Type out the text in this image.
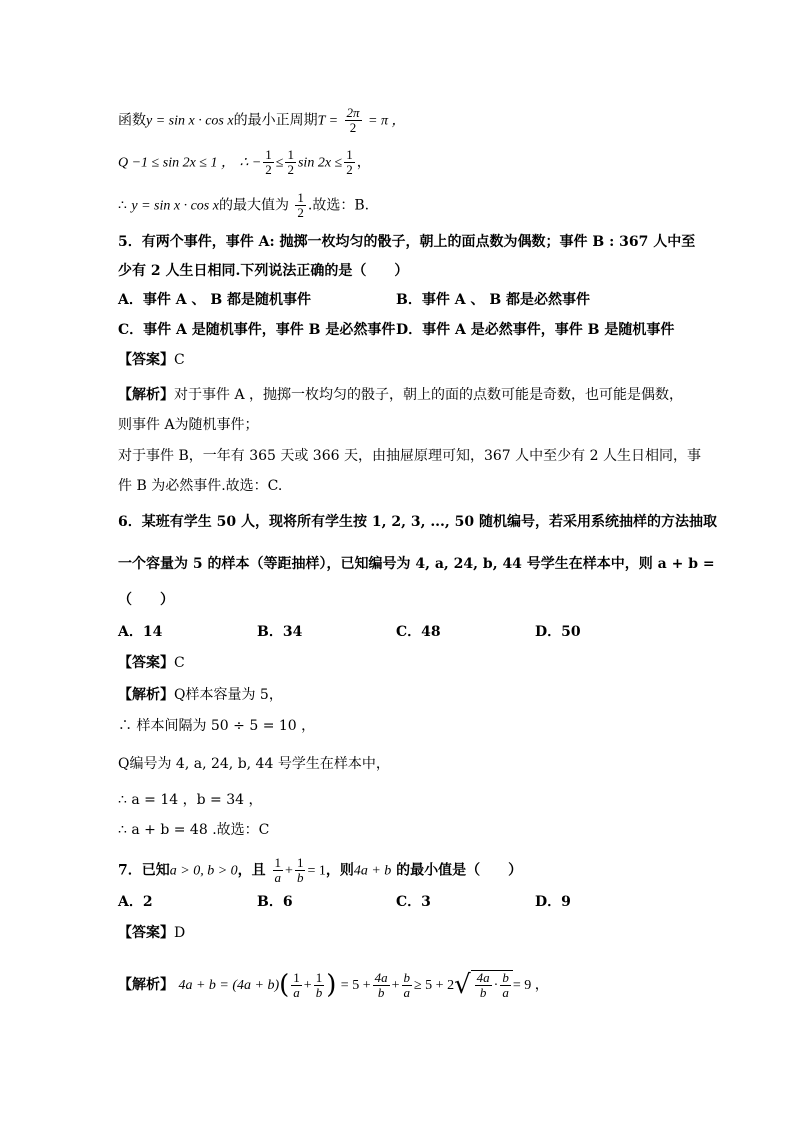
函数y = sin x · cos x的最小正周期$T = \frac{2\pi}{2} = \pi$ ，
Q −1 ≤ sin 2x ≤ 1 ， ∴ − $\frac{1}{2} \le \frac{1}{2}$ $\sin 2x \le \frac{1}{2}$ ，
∴ y = sin x · cos x的最大值为 $\frac{1}{2}$ .故选：B.
5．有两个事件，事件 A: 抛掷一枚均匀的骰子，朝上的面点数为偶数；事件 B : 367 人中至
少有 2 人生日相同.下列说法正确的是（　　）
A．事件 A 、 B 都是随机事件	B．事件 A 、 B 都是必然事件
C．事件 A 是随机事件，事件 B 是必然事件 D．事件 A 是必然事件，事件 B 是随机事件
【答案】C
【解析】对于事件 A ，抛掷一枚均匀的骰子，朝上的面的点数可能是奇数，也可能是偶数，
则事件 A为随机事件；
对于事件 B，一年有 365 天或 366 天，由抽屉原理可知，367 人中至少有 2 人生日相同，事
件 B 为必然事件.故选：C.
6．某班有学生 50 人，现将所有学生按 1, 2, 3, ..., 50 随机编号，若采用系统抽样的方法抽取
一个容量为 5 的样本（等距抽样），已知编号为 4, a, 24, b, 44 号学生在样本中，则 a + b =
（　　）
A．14	B．34	C．48	D．50
【答案】C
【解析】Q样本容量为 5，
∴ 样本间隔为 50 ÷ 5 = 10 ，
Q编号为 4, a, 24, b, 44 号学生在样本中，
∴ a = 14 ，b = 34 ，
∴ a + b = 48 .故选：C
7．已知a > 0, b > 0，且 $\frac{1}{a} + \frac{1}{b} = 1$，则4a + b 的最小值是（　　）
A．2	B．6	C．3	D．9
【答案】D
【解析】 $4a + b = (4a + b)( \frac{1}{a} + \frac{1}{b}$ ) = $5 + \frac{4a}{b} + \frac{b}{a} \ge 5 + 2$ √ $\frac{4a}{b} \cdot \frac{b}{a} = 9$ ，
